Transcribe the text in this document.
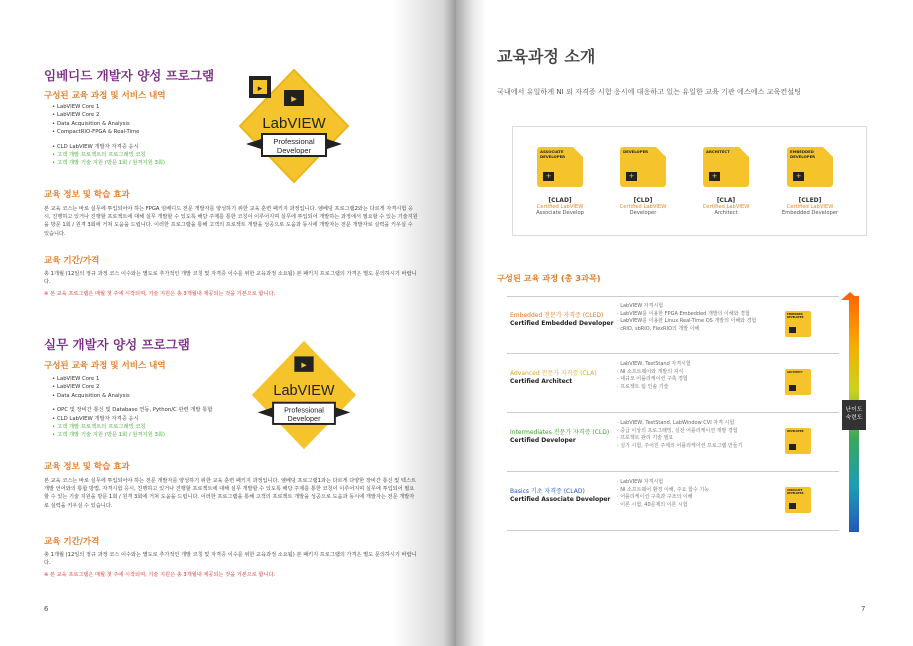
임베디드 개발자 양성 프로그램
구성된 교육 과정 및 서비스 내역
• LabVIEW Core 1
• LabVIEW Core 2
• Data Acquisition & Analysis
• CompactRIO-FPGA & Real-Time
• CLD LabVIEW 개발자 자격증 응시
• 고객 개발 프로젝트의 프로그래밍 코칭
• 고객 개발 기술 지원 (방문 1회 / 원격지원 3회)
▸
▸
LabVIEW
Professional
Developer
교육 정보 및 학습 효과
본 교육 코스는 바로 실무에 투입되어야 하는 FPGA 임베디드 전문 개발자를 양성하기 위한 교육 훈련 패키지 과정입니다. 엠베딩 프로그램2와는 다르게 자격시험 응시, 진행하고 있거나 진행할 프로젝트에 대해 실무 개발할 수 있도록 해당 주제를 통한 코칭이 이루어지며 실무에 투입되어 개발하는 과정에서 필요할 수 있는 기술지원을 방문 1회 / 원격 3회에 거쳐 도움을 드립니다. 이러한 프로그램을 통해 고객의 프로젝트 개발을 성공으로 도움과 동시에 개발자는 전문 개발자로 실력을 키우실 수 있습니다.
교육 기간/가격
총 1개월 (12일의 정규 과정 코스 이수와는 별도로 추가적인 개발 코칭 및 자격증 이수를 위한 교육과정 소요됨) 본 패키지 프로그램의 가격은 별도 문의하시기 바랍니다.
※ 본 교육 프로그램은 매월 첫 주에 시작되며, 기술 지원은 총 3개월내 제공되는 것을 기본으로 합니다.
실무 개발자 양성 프로그램
구성된 교육 과정 및 서비스 내역
• LabVIEW Core 1
• LabVIEW Core 2
• Data Acquisition & Analysis
• OPC 및 장비간 통신 및 Database 연동, Python/C 관련 개발 통합
• CLD LabVIEW 개발자 자격증 응시
• 고객 개발 프로젝트의 프로그래밍 코칭
• 고객 개발 기술 지원 (방문 1회 / 원격지원 3회)
▸
LabVIEW
Professional
Developer
교육 정보 및 학습 효과
본 교육 코스는 바로 실무에 투입되어야 하는 전문 개발자를 양성하기 위한 교육 훈련 패키지 과정입니다. 엠베딩 프로그램1과는 다르게 다양한 장비간 통신 및 텍스트 개발 언어와의 통합 방법, 자격시험 응시, 진행하고 있거나 진행할 프로젝트에 대해 실무 개발할 수 있도록 해당 주제를 통한 코칭이 이루어지며 실무에 투입되어 필요할 수 있는 기술 지원을 방문 1회 / 원격 3회에 거쳐 도움을 드립니다. 이러한 프로그램을 통해 고객의 프로젝트 개발을 성공으로 도움과 동시에 개발자는 전문 개발자로 실력을 키우실 수 있습니다.
교육 기간/가격
총 1개월 (12일의 정규 과정 코스 이수와는 별도로 추가적인 개발 코칭 및 자격증 이수를 위한 교육과정 소요됨) 본 패키지 프로그램의 가격은 별도 문의하시기 바랍니다.
※ 본 교육 프로그램은 매월 첫 주에 시작되며, 기술 지원은 총 3개월내 제공되는 것을 기본으로 합니다.
6
교육과정 소개
국내에서 유일하게 NI 외 자격증 시험 응시에 대응하고 있는 유일한 교육 기관 에스에스 교육컨설팅
ASSOCIATE
DEVELOPER
+
[CLAD]
Certified LabVIEW
Associate Develop
DEVELOPER
+
[CLD]
Certified LabVIEW
Developer
ARCHITECT
+
[CLA]
Certified LabVIEW
Architect
EMBEDDED
DEVELOPER
+
[CLED]
Certified LabVIEW
Embedded Developer
구성된 교육 과정 (총 3과목)
Embedded 전문가 자격증 (CLED)
Certified Embedded Developer
· LabVIEW 자격시험
· LabVIEW를 이용한 FPGA Embedded 개발의 이해와 경험
· LabVIEW를 이용한 Linux Real-Time OS 개발의 이해와 경험
· cRIO, sbRIO, FlexRIO의 개발 이해
EMBEDDED
DEVELOPER
Advanced 전문가 자격증 (CLA)
Certified Architect
· LabVIEW, TestStand 자격시험
· NI 소프트웨어와 개발의 지식
· 대규모 어플리케이션 구축 경험
· 프로젝트 팀 인솔 기술
ARCHITECT
Intermediates 전문가 자격증 (CLD)
Certified Developer
· LabVIEW, TestStand, LabWindow CVI 자격 시험
· 중급 이상의 프로그래밍, 실전 어플리케이션 개발 경험
· 프로젝트 관리 기술 필요
· 실기 시험, 주어진 주제의 어플리케이션 프로그램 만들기
DEVELOPER
Basics 기초 자격증 (CLAD)
Certified Associate Developer
· LabVIEW 자격시험
· NI 소프트웨어 환경 이해, 주요 함수 기능
· 어플리케이션 구축과 구조의 이해
· 이론 시험, 40문제의 이론 시험
ASSOCIATE
DEVELOPER
난이도
숙련도
7
